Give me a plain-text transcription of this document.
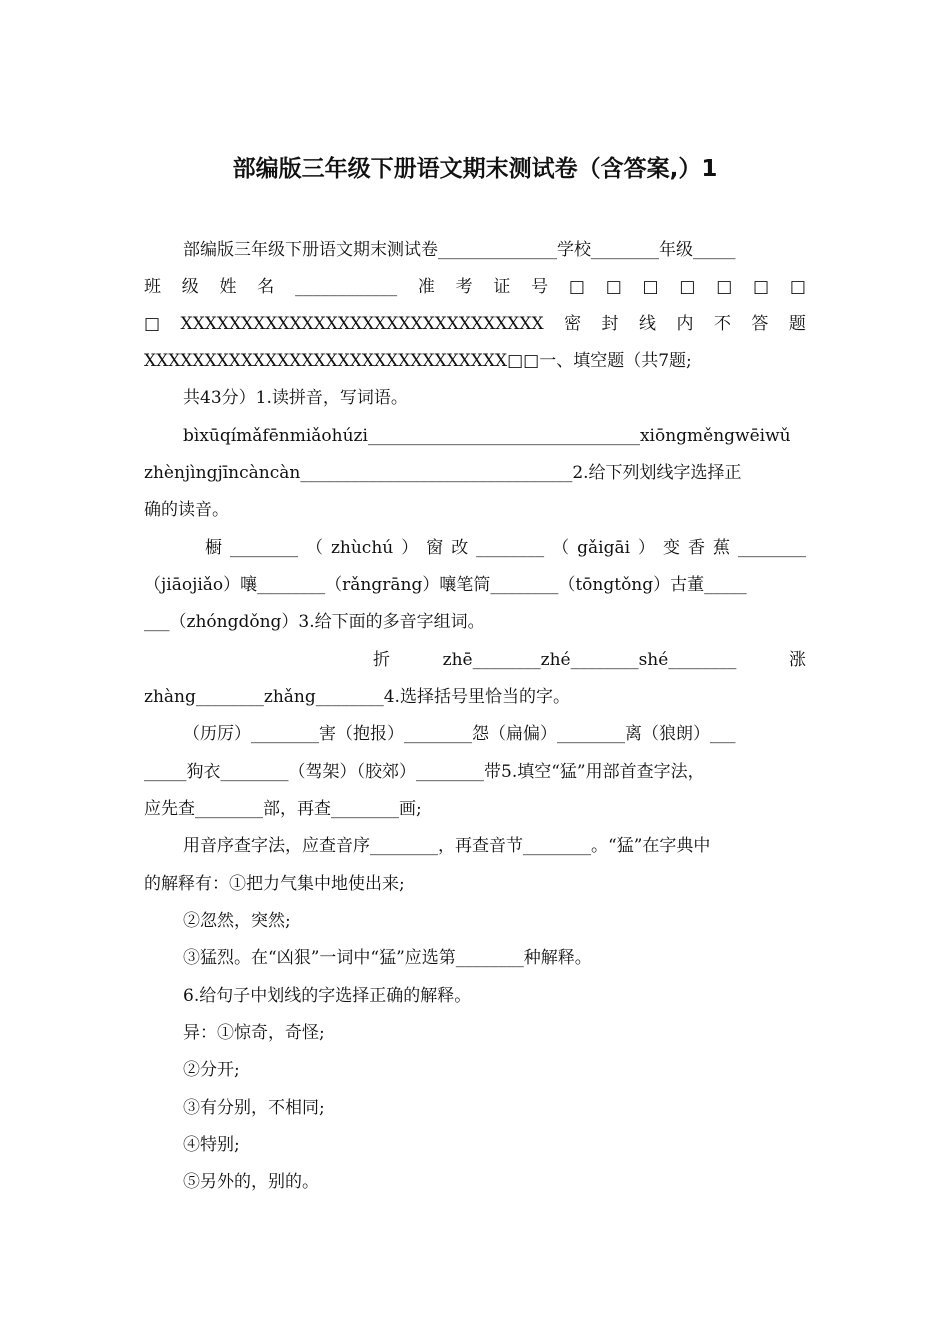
部编版三年级下册语文期末测试卷（含答案,）1
部编版三年级下册语文期末测试卷______________学校________年级_____
班 级 姓 名 ____________ 准 考 证 号 □ □ □ □ □ □ □
□ XXXXXXXXXXXXXXXXXXXXXXXXXXXXXX 密 封 线 内 不 答 题
XXXXXXXXXXXXXXXXXXXXXXXXXXXXXX□□一、填空题（共7题;
共43分）1.读拼音，写词语。
bìxūqímǎfēnmiǎohúzi________________________________xiōngměngwēiwǔ
zhènjìngjīncàncàn________________________________2.给下列划线字选择正
确的读音。
橱 ________ （ zhùchú ） 窗 改 ________ （ gǎigāi ） 变 香 蕉 ________
（jiāojiǎo）嚷________（rǎngrāng）嚷笔筒________（tōngtǒng）古董_____
___（zhóngdǒng）3.给下面的多音字组词。
折	zhē________zhé________shé________	涨
zhàng________zhǎng________4.选择括号里恰当的字。
（历厉）________害（抱报）________怨（扁偏）________离（狼朗）___
_____狗衣________（驾架）（胶郊）________带5.填空“猛”用部首查字法，
应先查________部，再查________画;
用音序查字法，应查音序________，再查音节________。“猛”在字典中
的解释有：①把力气集中地使出来;
②忽然，突然;
③猛烈。在“凶狠”一词中“猛”应选第________种解释。
6.给句子中划线的字选择正确的解释。
异：①惊奇，奇怪;
②分开;
③有分别，不相同;
④特别;
⑤另外的，别的。
